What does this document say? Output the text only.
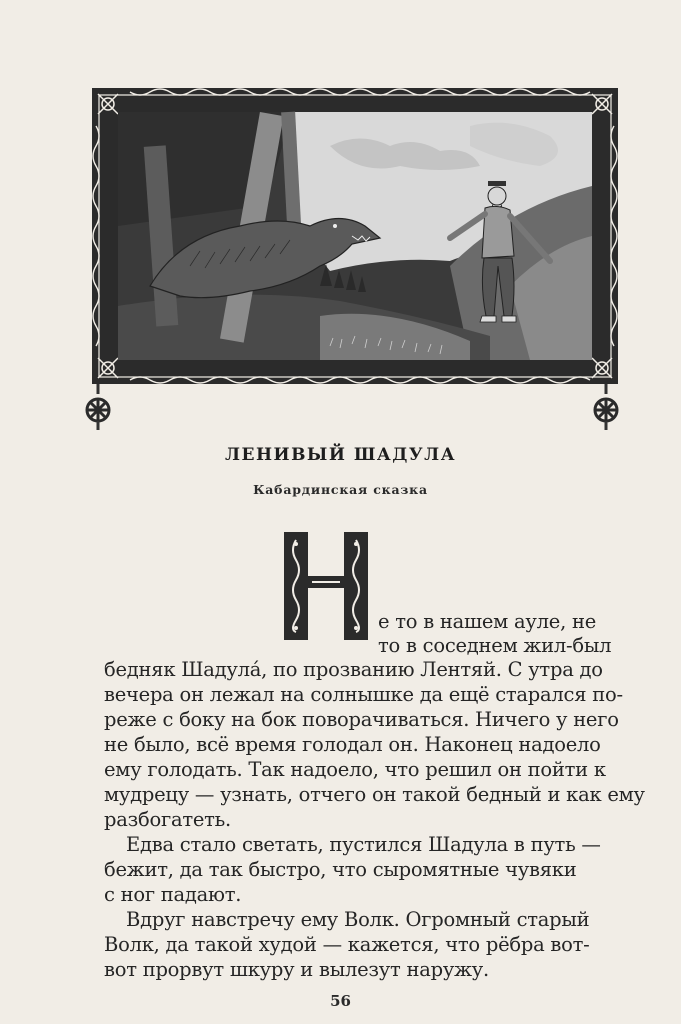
ЛЕНИВЫЙ ШАДУЛА
Кабардинская сказка
е то в нашем ауле, не
то в соседнем жил-был
бедняк Шадула́, по прозванию Лентяй. С утра до
вечера он лежал на солнышке да ещё старался по-
реже с боку на бок поворачиваться. Ничего у него
не было, всё время голодал он. Наконец надоело
ему голодать. Так надоело, что решил он пойти к
мудрецу — узнать, отчего он такой бедный и как ему
разбогатеть.
Едва стало светать, пустился Шадула в путь —
бежит, да так быстро, что сыромятные чувяки
с ног падают.
Вдруг навстречу ему Волк. Огромный старый
Волк, да такой худой — кажется, что рёбра вот-
вот прорвут шкуру и вылезут наружу.
56
